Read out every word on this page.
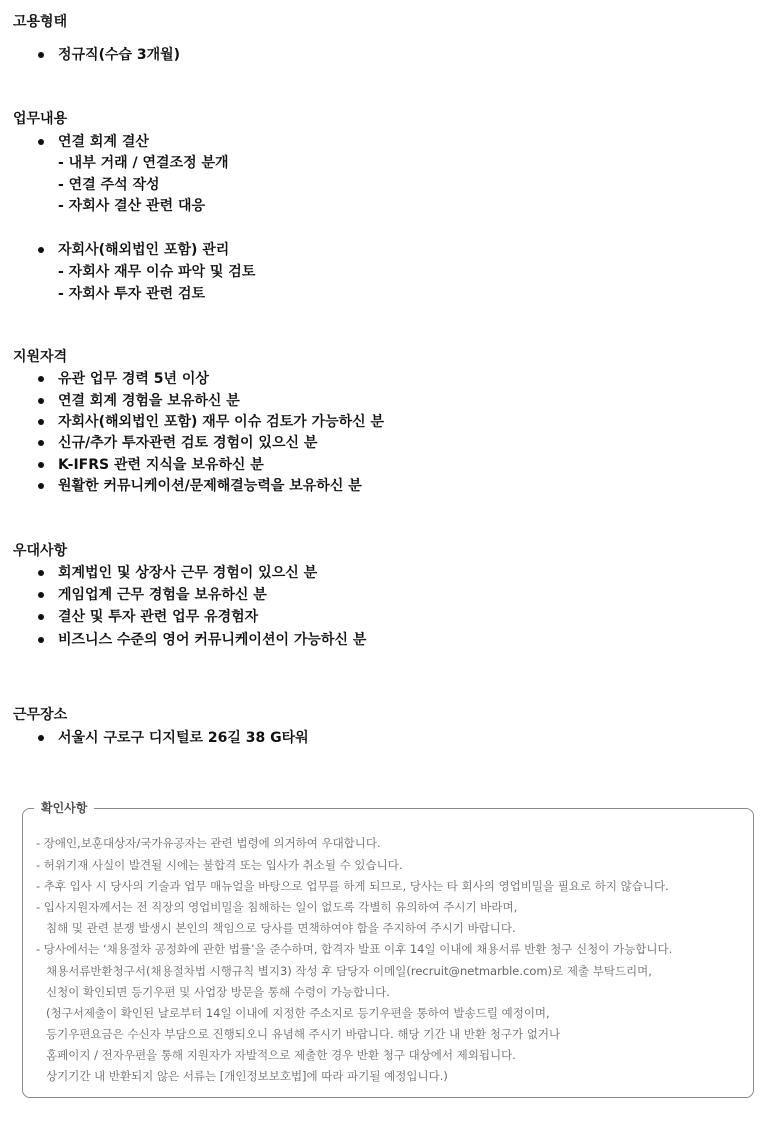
고용형태
정규직(수습 3개월)
업무내용
연결 회계 결산
- 내부 거래 / 연결조정 분개
- 연결 주석 작성
- 자회사 결산 관련 대응
자회사(해외법인 포함) 관리
- 자회사 재무 이슈 파악 및 검토
- 자회사 투자 관련 검토
지원자격
유관 업무 경력 5년 이상
연결 회계 경험을 보유하신 분
자회사(해외법인 포함) 재무 이슈 검토가 가능하신 분
신규/추가 투자관련 검토 경험이 있으신 분
K-IFRS 관련 지식을 보유하신 분
원활한 커뮤니케이션/문제해결능력을 보유하신 분
우대사항
회계법인 및 상장사 근무 경험이 있으신 분
게임업계 근무 경험을 보유하신 분
결산 및 투자 관련 업무 유경험자
비즈니스 수준의 영어 커뮤니케이션이 가능하신 분
근무장소
서울시 구로구 디지털로 26길 38 G타워
확인사항
- 장애인,보훈대상자/국가유공자는 관련 법령에 의거하여 우대합니다.
- 허위기재 사실이 발견될 시에는 불합격 또는 입사가 취소될 수 있습니다.
- 추후 입사 시 당사의 기술과 업무 매뉴얼을 바탕으로 업무를 하게 되므로, 당사는 타 회사의 영업비밀을 필요로 하지 않습니다.
- 입사지원자께서는 전 직장의 영업비밀을 침해하는 일이 없도록 각별히 유의하여 주시기 바라며,
침해 및 관련 분쟁 발생시 본인의 책임으로 당사를 면책하여야 함을 주지하여 주시기 바랍니다.
- 당사에서는 ‘채용절차 공정화에 관한 법률’을 준수하며, 합격자 발표 이후 14일 이내에 채용서류 반환 청구 신청이 가능합니다.
채용서류반환청구서(채용절차법 시행규칙 별지3) 작성 후 담당자 이메일(recruit@netmarble.com)로 제출 부탁드리며,
신청이 확인되면 등기우편 및 사업장 방문을 통해 수령이 가능합니다.
(청구서제출이 확인된 날로부터 14일 이내에 지정한 주소지로 등기우편을 통하여 발송드릴 예정이며,
등기우편요금은 수신자 부담으로 진행되오니 유념해 주시기 바랍니다. 해당 기간 내 반환 청구가 없거나
홈페이지 / 전자우편을 통해 지원자가 자발적으로 제출한 경우 반환 청구 대상에서 제외됩니다.
상기기간 내 반환되지 않은 서류는 [개인정보보호법]에 따라 파기될 예정입니다.)
